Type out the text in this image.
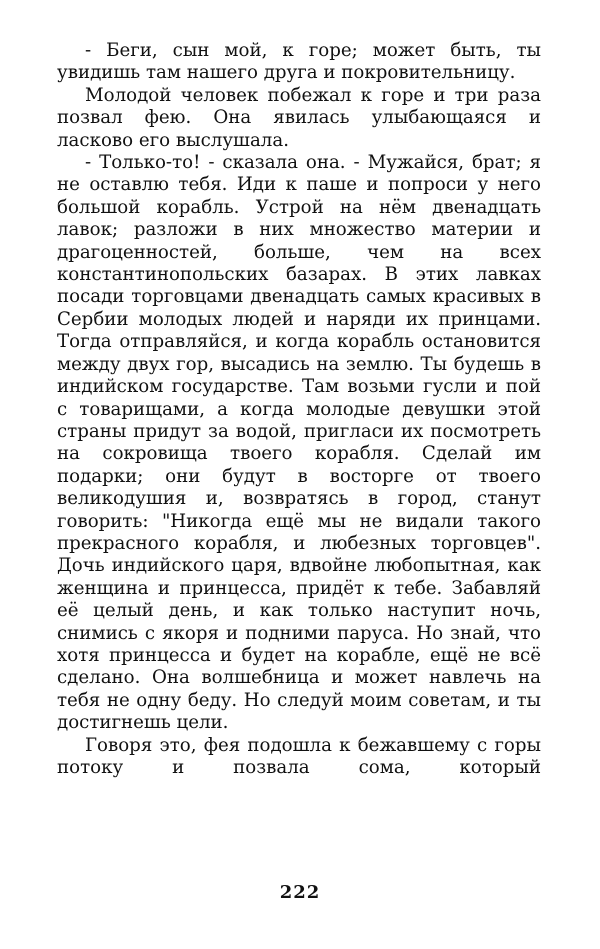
- Беги, сын мой, к горе; может быть, ты увидишь там нашего друга и покровительницу.

Молодой человек побежал к горе и три раза позвал фею. Она явилась улыбающаяся и ласково его выслушала.

- Только-то! - сказала она. - Мужайся, брат; я не оставлю тебя. Иди к паше и попроси у него большой корабль. Устрой на нём двенадцать лавок; разложи в них множество материи и драгоценностей, больше, чем на всех константинопольских базарах. В этих лавках посади торговцами двенадцать самых красивых в Сербии молодых людей и наряди их принцами. Тогда отправляйся, и когда корабль остановится между двух гор, высадись на землю. Ты будешь в индийском государстве. Там возьми гусли и пой с товарищами, а когда молодые девушки этой страны придут за водой, пригласи их посмотреть на сокровища твоего корабля. Сделай им подарки; они будут в восторге от твоего великодушия и, возвратясь в город, станут говорить: "Никогда ещё мы не видали такого прекрасного корабля, и любезных торговцев". Дочь индийского царя, вдвойне любопытная, как женщина и принцесса, придёт к тебе. Забавляй её целый день, и как только наступит ночь, снимись с якоря и подними паруса. Но знай, что хотя принцесса и будет на корабле, ещё не всё сделано. Она волшебница и может навлечь на тебя не одну беду. Но следуй моим советам, и ты достигнешь цели.

Говоря это, фея подошла к бежавшему с горы потоку и позвала сома, который

222
